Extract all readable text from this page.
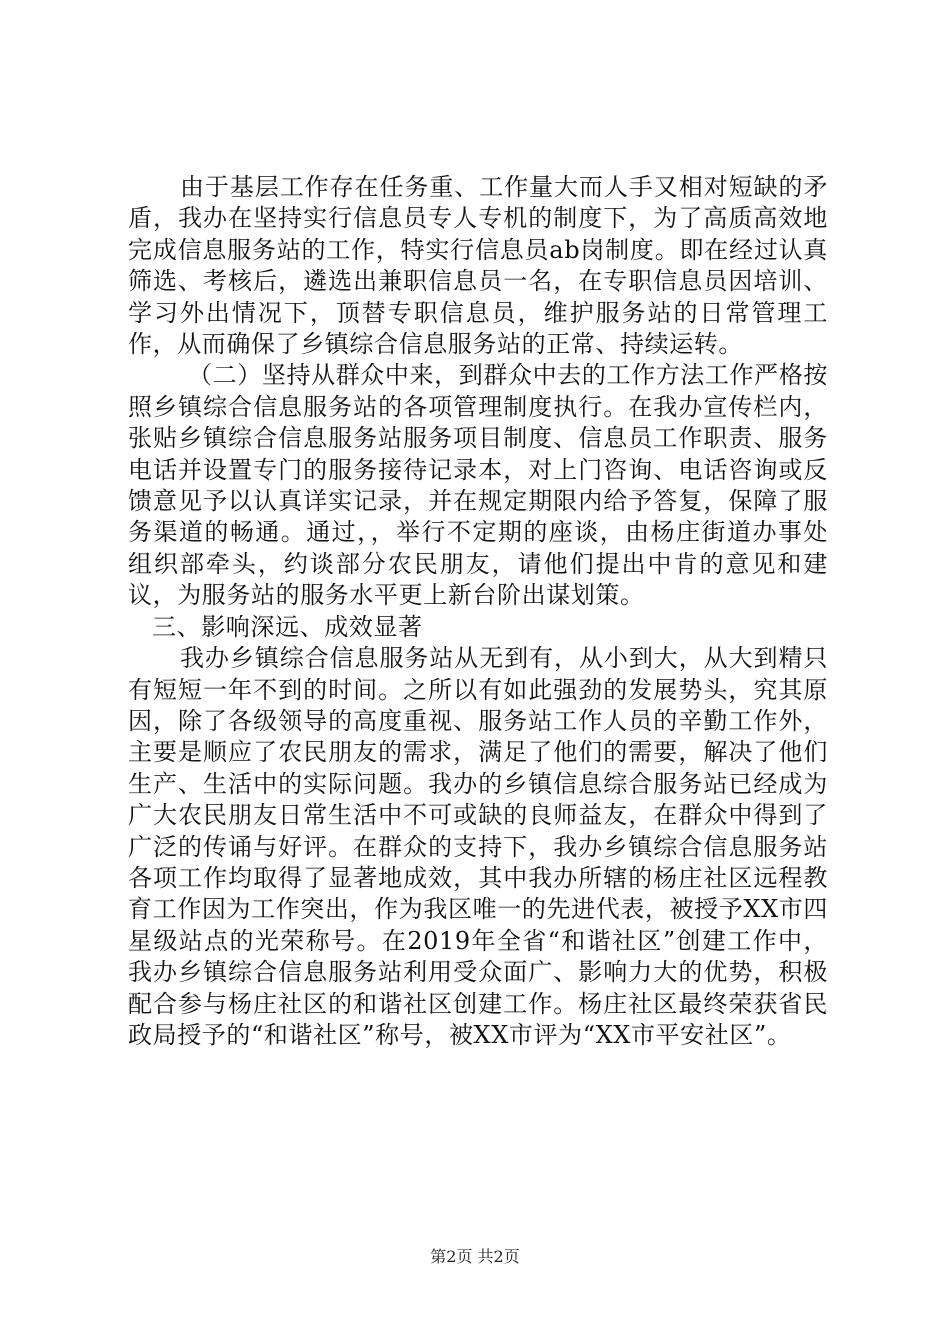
由于基层工作存在任务重、工作量大而人手又相对短缺的矛盾，我办在坚持实行信息员专人专机的制度下，为了高质高效地完成信息服务站的工作，特实行信息员ab岗制度。即在经过认真筛选、考核后，遴选出兼职信息员一名，在专职信息员因培训、学习外出情况下，顶替专职信息员，维护服务站的日常管理工作，从而确保了乡镇综合信息服务站的正常、持续运转。

（二）坚持从群众中来，到群众中去的工作方法工作严格按照乡镇综合信息服务站的各项管理制度执行。在我办宣传栏内，张贴乡镇综合信息服务站服务项目制度、信息员工作职责、服务电话并设置专门的服务接待记录本，对上门咨询、电话咨询或反馈意见予以认真详实记录，并在规定期限内给予答复，保障了服务渠道的畅通。通过，，举行不定期的座谈，由杨庄街道办事处组织部牵头，约谈部分农民朋友，请他们提出中肯的意见和建议，为服务站的服务水平更上新台阶出谋划策。

三、影响深远、成效显著

我办乡镇综合信息服务站从无到有，从小到大，从大到精只有短短一年不到的时间。之所以有如此强劲的发展势头，究其原因，除了各级领导的高度重视、服务站工作人员的辛勤工作外，主要是顺应了农民朋友的需求，满足了他们的需要，解决了他们生产、生活中的实际问题。我办的乡镇信息综合服务站已经成为广大农民朋友日常生活中不可或缺的良师益友，在群众中得到了广泛的传诵与好评。在群众的支持下，我办乡镇综合信息服务站各项工作均取得了显著地成效，其中我办所辖的杨庄社区远程教育工作因为工作突出，作为我区唯一的先进代表，被授予XX市四星级站点的光荣称号。在2019年全省“和谐社区”创建工作中，我办乡镇综合信息服务站利用受众面广、影响力大的优势，积极配合参与杨庄社区的和谐社区创建工作。杨庄社区最终荣获省民政局授予的“和谐社区”称号，被XX市评为“XX市平安社区”。

第2页 共2页
